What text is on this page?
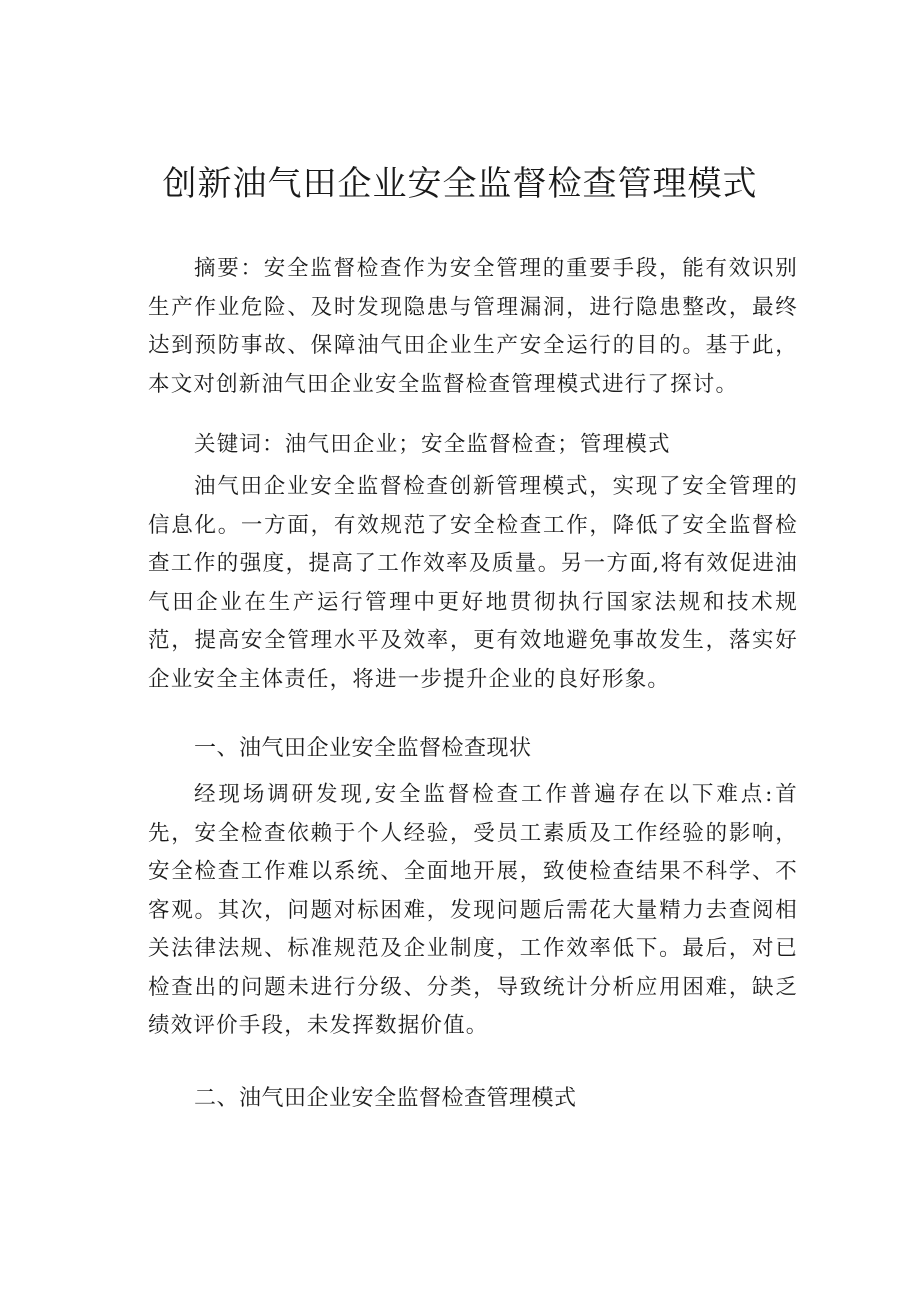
创新油气田企业安全监督检查管理模式

摘要：安全监督检查作为安全管理的重要手段，能有效识别生产作业危险、及时发现隐患与管理漏洞，进行隐患整改，最终达到预防事故、保障油气田企业生产安全运行的目的。基于此，本文对创新油气田企业安全监督检查管理模式进行了探讨。

关键词：油气田企业；安全监督检查；管理模式

油气田企业安全监督检查创新管理模式，实现了安全管理的信息化。一方面，有效规范了安全检查工作，降低了安全监督检查工作的强度，提高了工作效率及质量。另一方面,将有效促进油气田企业在生产运行管理中更好地贯彻执行国家法规和技术规范，提高安全管理水平及效率，更有效地避免事故发生，落实好企业安全主体责任，将进一步提升企业的良好形象。

一、油气田企业安全监督检查现状

经现场调研发现,安全监督检查工作普遍存在以下难点:首先，安全检查依赖于个人经验，受员工素质及工作经验的影响，安全检查工作难以系统、全面地开展，致使检查结果不科学、不客观。其次，问题对标困难，发现问题后需花大量精力去查阅相关法律法规、标准规范及企业制度，工作效率低下。最后，对已检查出的问题未进行分级、分类，导致统计分析应用困难，缺乏绩效评价手段，未发挥数据价值。

二、油气田企业安全监督检查管理模式
